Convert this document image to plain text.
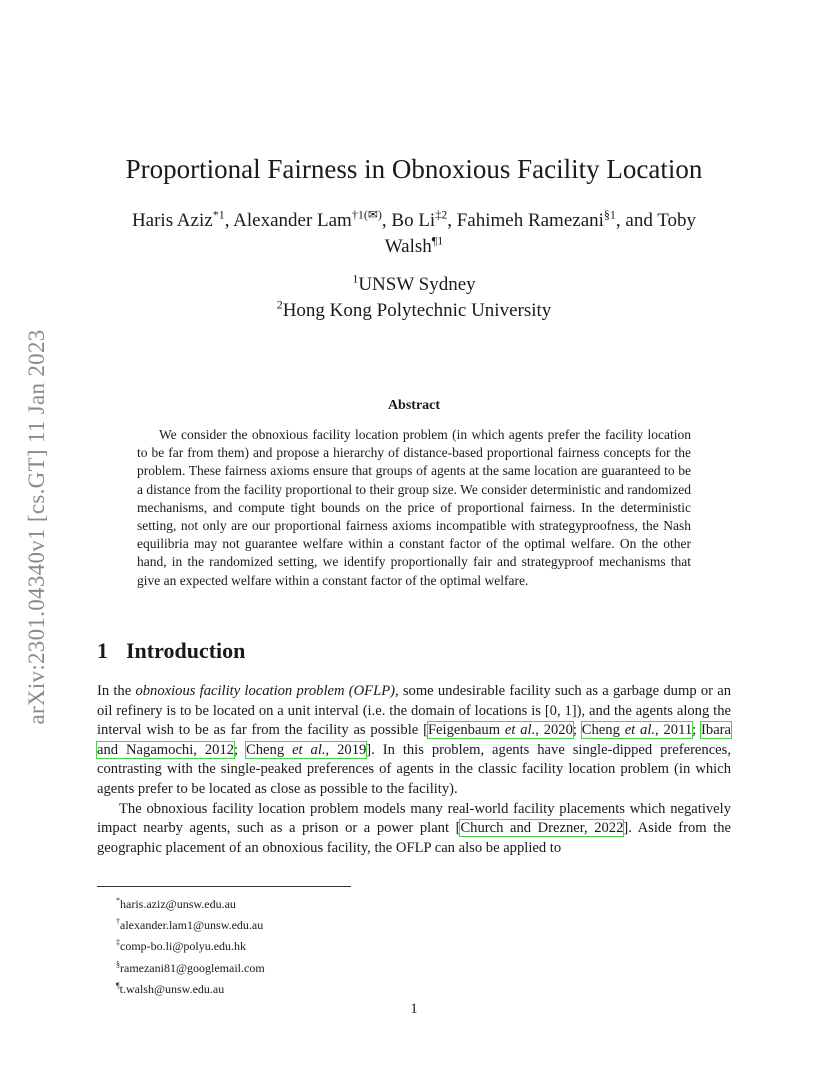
arXiv:2301.04340v1 [cs.GT] 11 Jan 2023
Proportional Fairness in Obnoxious Facility Location
Haris Aziz$^{*1}$, Alexander Lam$^{\dagger 1(✉)}$, Bo Li$^{\ddagger 2}$, Fahimeh Ramezani$^{\S 1}$, and Toby Walsh$^{\P 1}$
$^1$UNSW Sydney
$^2$Hong Kong Polytechnic University
Abstract

We consider the obnoxious facility location problem (in which agents prefer the facility location to be far from them) and propose a hierarchy of distance-based proportional fairness concepts for the problem. These fairness axioms ensure that groups of agents at the same location are guaranteed to be a distance from the facility proportional to their group size. We consider deterministic and randomized mechanisms, and compute tight bounds on the price of proportional fairness. In the deterministic setting, not only are our proportional fairness axioms incompatible with strategyproofness, the Nash equilibria may not guarantee welfare within a constant factor of the optimal welfare. On the other hand, in the randomized setting, we identify proportionally fair and strategyproof mechanisms that give an expected welfare within a constant factor of the optimal welfare.

1 Introduction

In the obnoxious facility location problem (OFLP), some undesirable facility such as a garbage dump or an oil refinery is to be located on a unit interval (i.e. the domain of locations is [0, 1]), and the agents along the interval wish to be as far from the facility as possible [Feigenbaum et al., 2020; Cheng et al., 2011; Ibara and Nagamochi, 2012; Cheng et al., 2019]. In this problem, agents have single-dipped preferences, contrasting with the single-peaked preferences of agents in the classic facility location problem (in which agents prefer to be located as close as possible to the facility).

The obnoxious facility location problem models many real-world facility placements which negatively impact nearby agents, such as a prison or a power plant [Church and Drezner, 2022]. Aside from the geographic placement of an obnoxious facility, the OFLP can also be applied to

*haris.aziz@unsw.edu.au
†alexander.lam1@unsw.edu.au
‡comp-bo.li@polyu.edu.hk
§ramezani81@googlemail.com
¶t.walsh@unsw.edu.au
1
